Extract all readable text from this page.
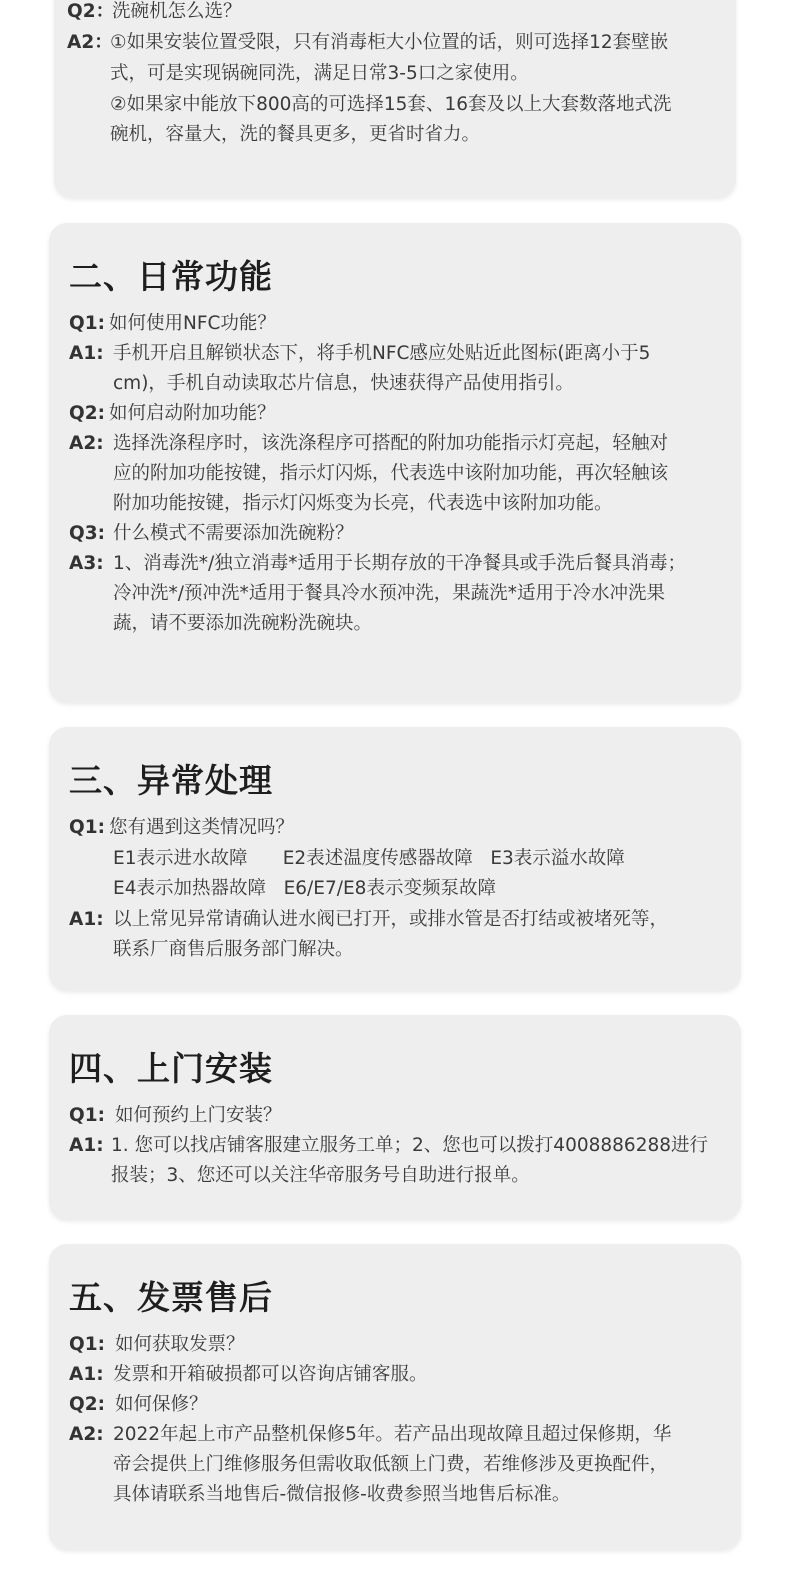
Q2：
洗碗机怎么选？
A2：
①如果安装位置受限，只有消毒柜大小位置的话，则可选择12套壁嵌
式，可是实现锅碗同洗，满足日常3-5口之家使用。
②如果家中能放下800高的可选择15套、16套及以上大套数落地式洗
碗机，容量大，洗的餐具更多，更省时省力。
二、日常功能
Q1: 如何使用NFC功能？
A1: 手机开启且解锁状态下，将手机NFC感应处贴近此图标(距离小于5
cm)，手机自动读取芯片信息，快速获得产品使用指引。
Q2: 如何启动附加功能？
A2: 选择洗涤程序时，该洗涤程序可搭配的附加功能指示灯亮起，轻触对
应的附加功能按键，指示灯闪烁，代表选中该附加功能，再次轻触该
附加功能按键，指示灯闪烁变为长亮，代表选中该附加功能。
Q3: 什么模式不需要添加洗碗粉？
A3: 1、消毒洗*/独立消毒*适用于长期存放的干净餐具或手洗后餐具消毒；
冷冲洗*/预冲洗*适用于餐具冷水预冲洗，果蔬洗*适用于冷水冲洗果
蔬，请不要添加洗碗粉洗碗块。
三、异常处理
Q1: 您有遇到这类情况吗？
E1表示进水故障      E2表述温度传感器故障   E3表示溢水故障
E4表示加热器故障   E6/E7/E8表示变频泵故障
A1: 以上常见异常请确认进水阀已打开，或排水管是否打结或被堵死等，
联系厂商售后服务部门解决。
四、上门安装
Q1: 如何预约上门安装？
A1: 1. 您可以找店铺客服建立服务工单；2、您也可以拨打4008886288进行
报装；3、您还可以关注华帝服务号自助进行报单。
五、发票售后
Q1: 如何获取发票？
A1: 发票和开箱破损都可以咨询店铺客服。
Q2: 如何保修？
A2: 2022年起上市产品整机保修5年。若产品出现故障且超过保修期，华
帝会提供上门维修服务但需收取低额上门费，若维修涉及更换配件，
具体请联系当地售后-微信报修-收费参照当地售后标准。
